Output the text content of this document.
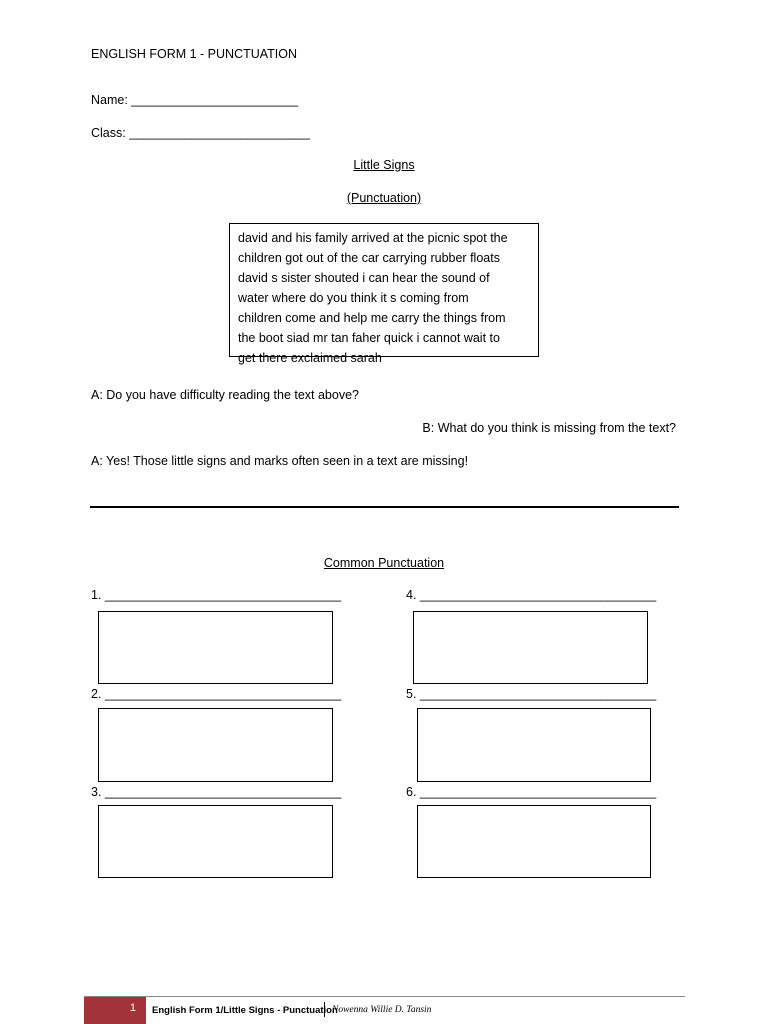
ENGLISH FORM 1 - PUNCTUATION
Name: ________________________
Class: __________________________
Little Signs
(Punctuation)
david and his family arrived at the picnic spot the
children got out of the car carrying rubber floats
david s sister shouted i can hear the sound of
water where do you think it s coming from
children come and help me carry the things from
the boot siad mr tan faher quick i cannot wait to
get there exclaimed sarah
A: Do you have difficulty reading the text above?
B: What do you think is missing from the text?
A: Yes! Those little signs and marks often seen in a text are missing!
Common Punctuation
1. __________________________________
2. __________________________________
3. __________________________________
4. __________________________________
5. __________________________________
6. __________________________________
1	English Form 1/Little Signs - Punctuation
Nowenna Willie D. Tansin
